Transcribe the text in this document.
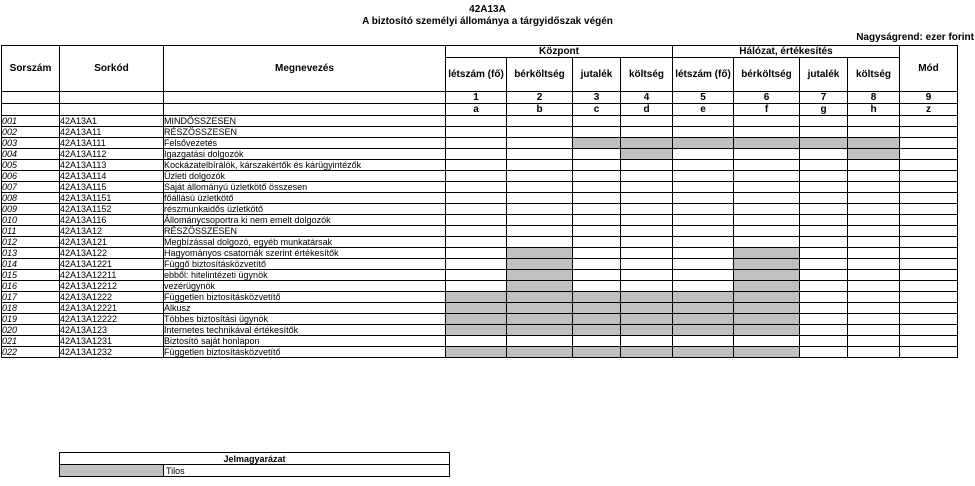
42A13A
A biztosító személyi állománya a tárgyidőszak végén
Nagyságrend: ezer forint
Sorszám	Sorkód	Megnevezés	Központ				Hálózat, értékesítés				Mód
			létszám (fő)	bérköltség	jutalék	költség	létszám (fő)	bérköltség	jutalék	költség	
			1	2	3	4	5	6	7	8	9
			a	b	c	d	e	f	g	h	z
001	42A13A1	MINDÖSSZESEN									
002	42A13A11	RÉSZÖSSZESEN									
003	42A13A111	Felsővezetés									
004	42A13A112	Igazgatási dolgozók									
005	42A13A113	Kockázatelbírálók, kárszakértők és kárügyintézők									
006	42A13A114	Üzleti dolgozók									
007	42A13A115	Saját állományú üzletkötő összesen									
008	42A13A1151	főállású üzletkötő									
009	42A13A1152	részmunkaidős üzletkötő									
010	42A13A116	Állománycsoportra ki nem emelt dolgozók									
011	42A13A12	RÉSZÖSSZESEN									
012	42A13A121	Megbízással dolgozó, egyéb munkatársak									
013	42A13A122	Hagyományos csatornák szerint értékesítők									
014	42A13A1221	Függő biztosításközvetítő									
015	42A13A12211	ebből: hitelintézeti ügynök									
016	42A13A12212	vezérügynök									
017	42A13A1222	Független biztosításközvetítő									
018	42A13A12221	Alkusz									
019	42A13A12222	Többes biztosítási ügynök									
020	42A13A123	Internetes technikával értékesítők									
021	42A13A1231	Biztosító saját honlapon									
022	42A13A1232	Független biztosításközvetítő									
Jelmagyarázat
	Tilos
